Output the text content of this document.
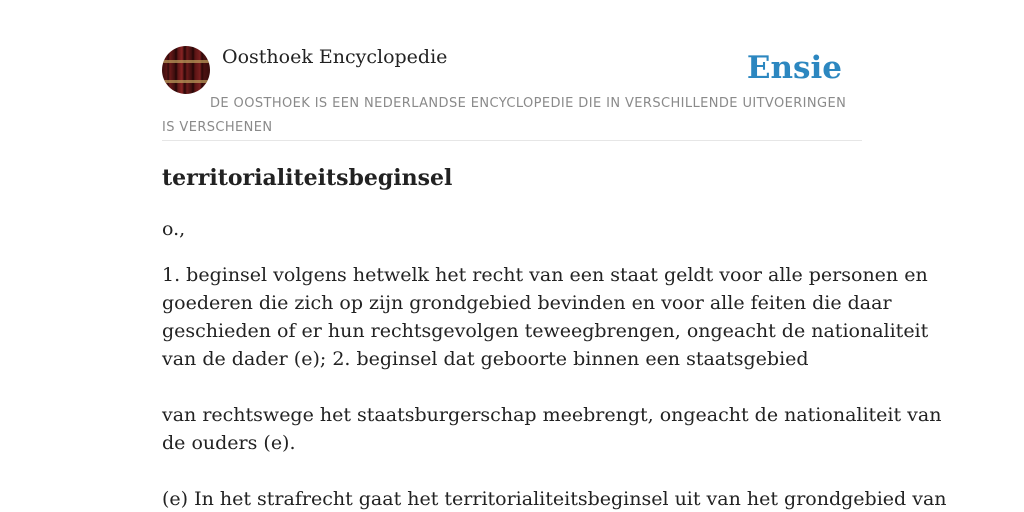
Oosthoek Encyclopedie	Ensie
DE OOSTHOEK IS EEN NEDERLANDSE ENCYCLOPEDIE DIE IN VERSCHILLENDE UITVOERINGEN IS VERSCHENEN
territorialiteitsbeginsel
o.,
1. beginsel volgens hetwelk het recht van een staat geldt voor alle personen en
goederen die zich op zijn grondgebied bevinden en voor alle feiten die daar
geschieden of er hun rechtsgevolgen teweegbrengen, ongeacht de nationaliteit
van de dader (e); 2. beginsel dat geboorte binnen een staatsgebied
van rechtswege het staatsburgerschap meebrengt, ongeacht de nationaliteit van
de ouders (e).
(e) In het strafrecht gaat het territorialiteitsbeginsel uit van het grondgebied van
